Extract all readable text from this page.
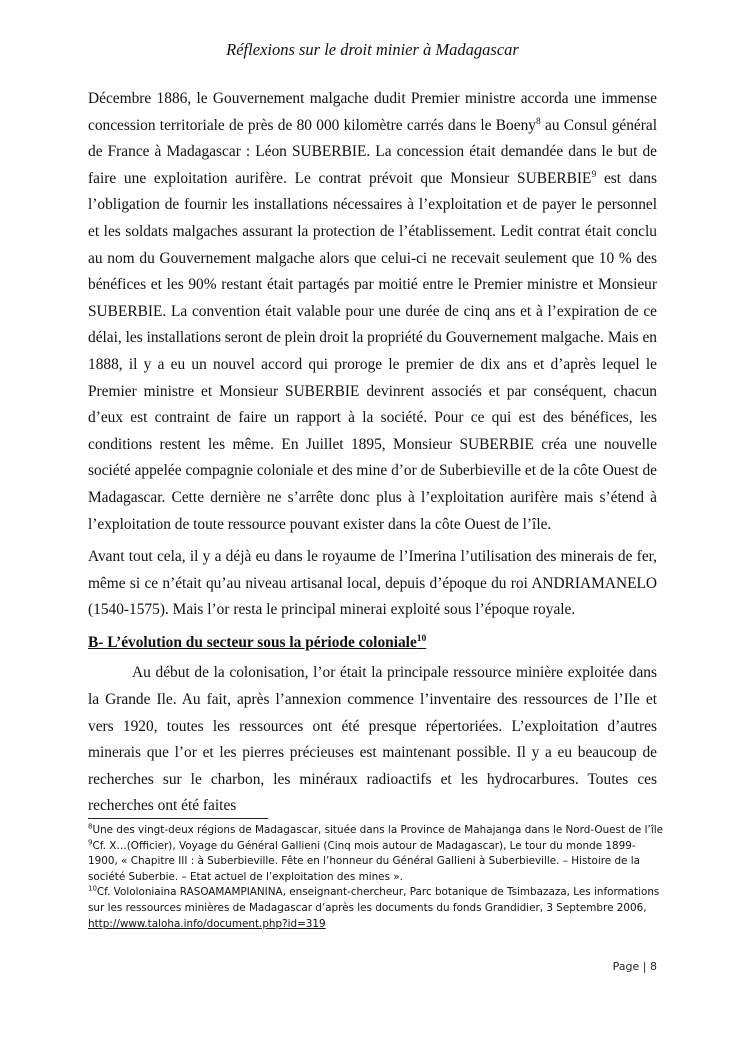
Réflexions sur le droit minier à Madagascar

Décembre 1886, le Gouvernement malgache dudit Premier ministre accorda une immense concession territoriale de près de 80 000 kilomètre carrés dans le Boeny$^8$ au Consul général de France à Madagascar : Léon SUBERBIE. La concession était demandée dans le but de faire une exploitation aurifère. Le contrat prévoit que Monsieur SUBERBIE$^9$ est dans l’obligation de fournir les installations nécessaires à l’exploitation et de payer le personnel et les soldats malgaches assurant la protection de l’établissement. Ledit contrat était conclu au nom du Gouvernement malgache alors que celui-ci ne recevait seulement que 10 % des bénéfices et les 90% restant était partagés par moitié entre le Premier ministre et Monsieur SUBERBIE. La convention était valable pour une durée de cinq ans et à l’expiration de ce délai, les installations seront de plein droit la propriété du Gouvernement malgache. Mais en 1888, il y a eu un nouvel accord qui proroge le premier de dix ans et d’après lequel le Premier ministre et Monsieur SUBERBIE devinrent associés et par conséquent, chacun d’eux est contraint de faire un rapport à la société. Pour ce qui est des bénéfices, les conditions restent les même. En Juillet 1895, Monsieur SUBERBIE créa une nouvelle société appelée compagnie coloniale et des mine d’or de Suberbieville et de la côte Ouest de Madagascar. Cette dernière ne s’arrête donc plus à l’exploitation aurifère mais s’étend à l’exploitation de toute ressource pouvant exister dans la côte Ouest de l’île.

Avant tout cela, il y a déjà eu dans le royaume de l’Imerina l’utilisation des minerais de fer, même si ce n’était qu’au niveau artisanal local, depuis d’époque du roi ANDRIAMANELO (1540-1575). Mais l’or resta le principal minerai exploité sous l’époque royale.

B- L’évolution du secteur sous la période coloniale$^{10}$

Au début de la colonisation, l’or était la principale ressource minière exploitée dans la Grande Ile. Au fait, après l’annexion commence l’inventaire des ressources de l’Ile et vers 1920, toutes les ressources ont été presque répertoriées. L’exploitation d’autres minerais que l’or et les pierres précieuses est maintenant possible. Il y a eu beaucoup de recherches sur le charbon, les minéraux radioactifs et les hydrocarbures. Toutes ces recherches ont été faites

$^8$Une des vingt-deux régions de Madagascar, située dans la Province de Mahajanga dans le Nord-Ouest de l’île

$^9$Cf. X…(Officier), Voyage du Général Gallieni (Cinq mois autour de Madagascar), Le tour du monde 1899-1900, « Chapitre III : à Suberbieville. Fête en l’honneur du Général Gallieni à Suberbieville. – Histoire de la société Suberbie. – Etat actuel de l’exploitation des mines ».

$^{10}$Cf. Vololoniaina RASOAMAMPIANINA, enseignant-chercheur, Parc botanique de Tsimbazaza, Les informations sur les ressources minières de Madagascar d’après les documents du fonds Grandidier, 3 Septembre 2006, http://www.taloha.info/document.php?id=319

Page | 8
